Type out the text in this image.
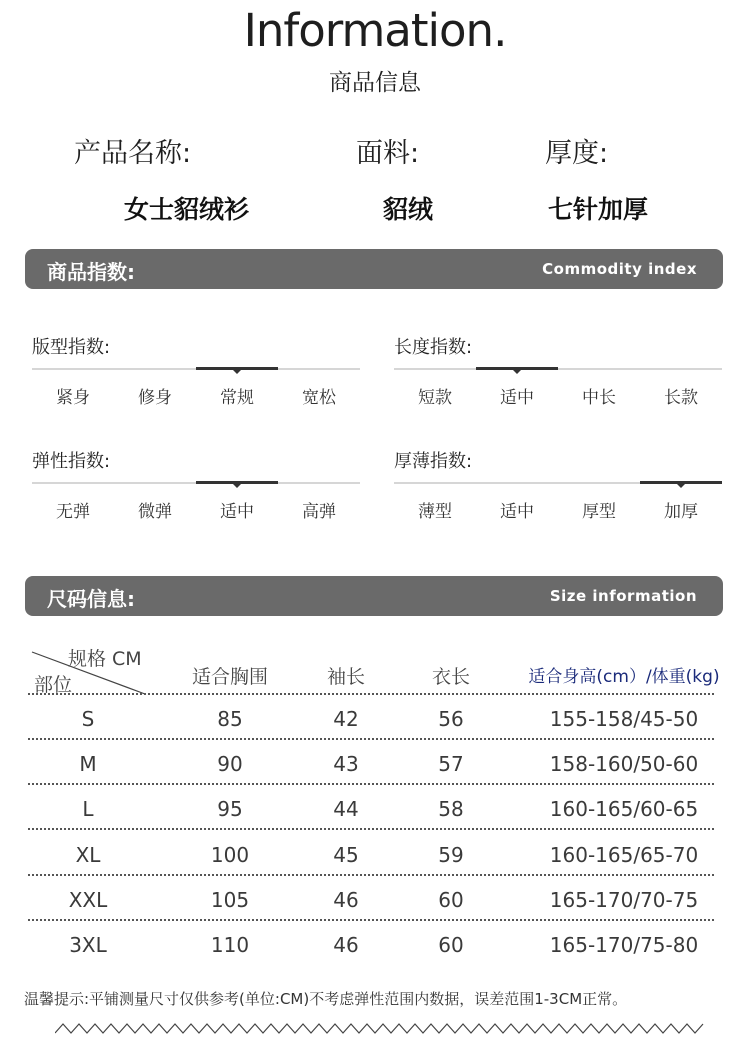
Information.
商品信息
产品名称:	面料:	厚度:
女士貂绒衫	貂绒	七针加厚
商品指数:	Commodity index
版型指数:
紧身	修身	常规	宽松
长度指数:
短款	适中	中长	长款
弹性指数:
无弹	微弹	适中	高弹
厚薄指数:
薄型	适中	厚型	加厚
尺码信息:	Size information
规格 CM
部位	适合胸围	袖长	衣长	适合身高(cm）/体重(kg)
S	85	42	56	155-158/45-50
M	90	43	57	158-160/50-60
L	95	44	58	160-165/60-65
XL	100	45	59	160-165/65-70
XXL	105	46	60	165-170/70-75
3XL	110	46	60	165-170/75-80
温馨提示:平铺测量尺寸仅供参考(单位:CM)不考虑弹性范围内数据，误差范围1-3CM正常。
